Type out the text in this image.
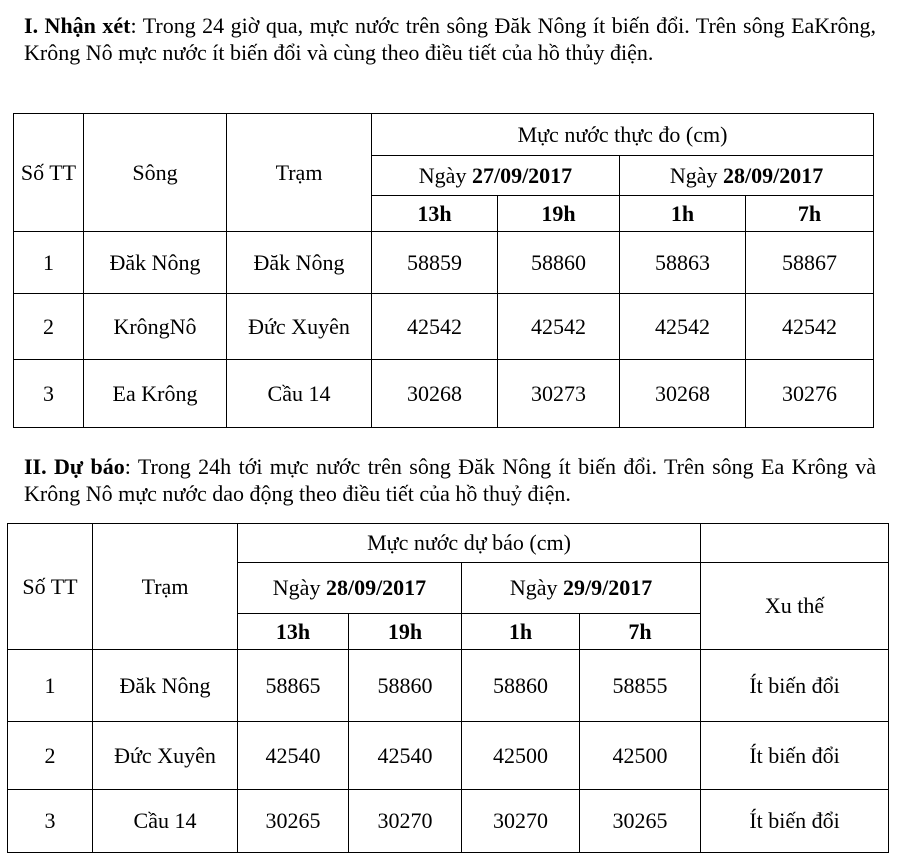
I. Nhận xét: Trong 24 giờ qua, mực nước trên sông Đăk Nông ít biến đổi. Trên sông EaKrông, Krông Nô mực nước ít biến đổi và cùng theo điều tiết của hồ thủy điện.

Số TT	Sông	Trạm	Mực nước thực đo (cm)			
			Ngày 27/09/2017		Ngày 28/09/2017	
			13h	19h	1h	7h
1	Đăk Nông	Đăk Nông	58859	58860	58863	58867
2	KrôngNô	Đức Xuyên	42542	42542	42542	42542
3	Ea Krông	Cầu 14	30268	30273	30268	30276

II. Dự báo: Trong 24h tới mực nước trên sông Đăk Nông ít biến đổi. Trên sông Ea Krông và Krông Nô mực nước dao động theo điều tiết của hồ thuỷ điện.

Số TT	Trạm	Mực nước dự báo (cm)				
		Ngày 28/09/2017		Ngày 29/9/2017		Xu thế
		13h	19h	1h	7h	
1	Đăk Nông	58865	58860	58860	58855	Ít biến đổi
2	Đức Xuyên	42540	42540	42500	42500	Ít biến đổi
3	Cầu 14	30265	30270	30270	30265	Ít biến đổi
